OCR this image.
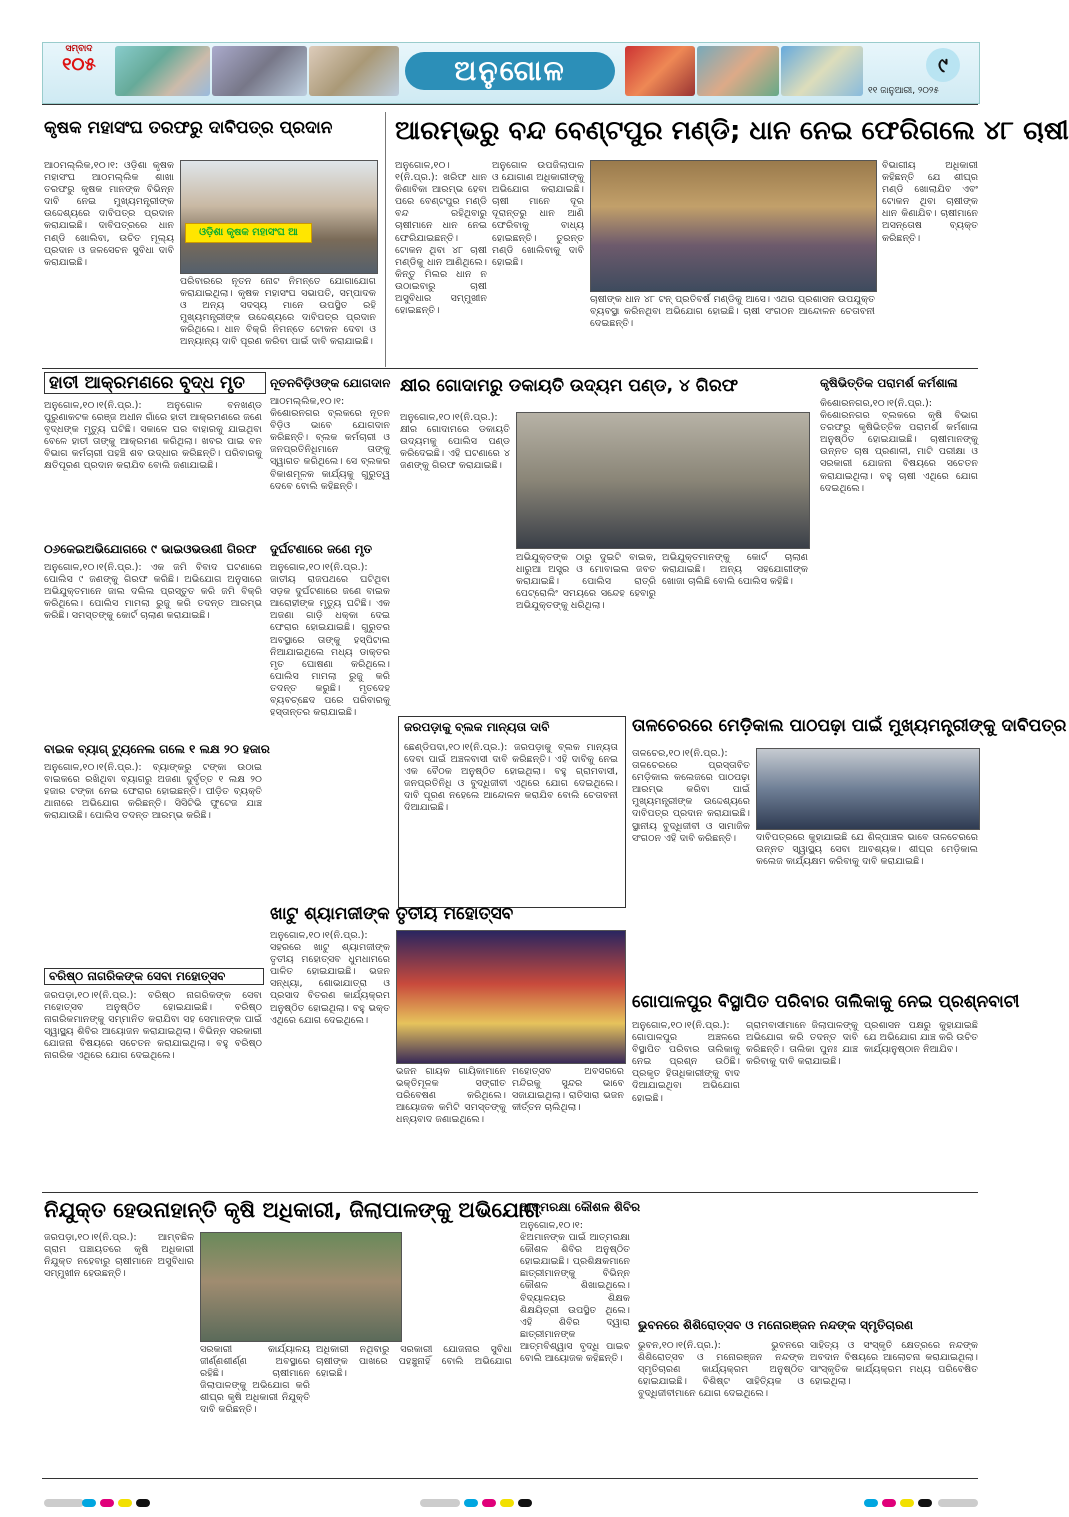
ସମ୍ବାଦ
୧୦୫	ଅନୁଗୋଳ	୯
୧୧ ଜାନୁଆରୀ, ୨୦୨୫
କୃଷକ ମହାସଂଘ ତରଫରୁ ଦାବିପତ୍ର ପ୍ରଦାନ
ଆଠମଲ୍ଲିକ,୧୦।୧: ଓଡ଼ିଶା କୃଷକ ମହାସଂଘ ଆଠମଲ୍ଲିକ ଶାଖା ତରଫରୁ କୃଷକ ମାନଙ୍କ ବିଭିନ୍ନ ଦାବି ନେଇ ମୁଖ୍ୟମନ୍ତ୍ରୀଙ୍କ ଉଦ୍ଦେଶ୍ୟରେ ଦାବିପତ୍ର ପ୍ରଦାନ କରାଯାଇଛି। ଦାବିପତ୍ରରେ ଧାନ ମଣ୍ଡି ଖୋଲିବା, ଉଚିତ ମୂଲ୍ୟ ପ୍ରଦାନ ଓ ଜଳସେଚନ ସୁବିଧା ଦାବି କରାଯାଇଛି।
ଓଡ଼ିଶା କୃଷକ ମହାସଂଘ ଆ
ପରିବାରରେ ନୂତନ ନୋଟ ନିମନ୍ତେ ଯୋଗାଯୋଗ କରାଯାଇଥିଲା। କୃଷକ ମହାସଂଘ ସଭାପତି, ସମ୍ପାଦକ ଓ ଅନ୍ୟ ସଦସ୍ୟ ମାନେ ଉପସ୍ଥିତ ରହି ମୁଖ୍ୟମନ୍ତ୍ରୀଙ୍କ ଉଦ୍ଦେଶ୍ୟରେ ଦାବିପତ୍ର ପ୍ରଦାନ କରିଥିଲେ। ଧାନ ବିକ୍ରି ନିମନ୍ତେ ଟୋକନ ଦେବା ଓ ଅନ୍ୟାନ୍ୟ ଦାବି ପୂରଣ କରିବା ପାଇଁ ଦାବି କରାଯାଇଛି।
ଆରମ୍ଭରୁ ବନ୍ଦ ବେଣ୍ଟପୁର ମଣ୍ଡି; ଧାନ ନେଇ ଫେରିଗଲେ ୪୮ ଚାଷୀ
ଅନୁଗୋଳ,୧୦।୧(ନି.ପ୍ର.): ଖରିଫ ଧାନ କିଣାବିକା ଆରମ୍ଭ ହେବା ପରେ ବେଣ୍ଟପୁର ମଣ୍ଡି ବନ୍ଦ ରହିଥିବାରୁ ଚାଷୀମାନେ ଧାନ ନେଇ ଫେରିଯାଇଛନ୍ତି। ଟୋକନ ଥିବା ୪୮ ଚାଷୀ ମଣ୍ଡିକୁ ଧାନ ଆଣିଥିଲେ। କିନ୍ତୁ ମିଲର ଧାନ ନ ଉଠାଇବାରୁ ଚାଷୀ ଅସୁବିଧାର ସମ୍ମୁଖୀନ ହୋଇଛନ୍ତି।
ଅନୁଗୋଳ ଉପଜିଲାପାଳ ଓ ଯୋଗାଣ ଅଧିକାରୀଙ୍କୁ ଅଭିଯୋଗ କରାଯାଇଛି। ଚାଷୀ ମାନେ ଦୂର ଦୂରାନ୍ତରୁ ଧାନ ଆଣି ଫେରିବାକୁ ବାଧ୍ୟ ହୋଇଛନ୍ତି। ତୁରନ୍ତ ମଣ୍ଡି ଖୋଲିବାକୁ ଦାବି ହୋଇଛି।
ଚାଷୀଙ୍କ ଧାନ ୪୮ ଟନ୍ ପ୍ରତିବର୍ଷ ମଣ୍ଡିକୁ ଆସେ। ଏଥର ପ୍ରଶାସନ ଉପଯୁକ୍ତ ବ୍ୟବସ୍ଥା କରିନଥିବା ଅଭିଯୋଗ ହୋଇଛି। ଚାଷୀ ସଂଗଠନ ଆନ୍ଦୋଳନ ଚେତାବନୀ ଦେଇଛନ୍ତି।
ବିଭାଗୀୟ ଅଧିକାରୀ କହିଛନ୍ତି ଯେ ଶୀଘ୍ର ମଣ୍ଡି ଖୋଲାଯିବ ଏବଂ ଟୋକନ ଥିବା ଚାଷୀଙ୍କ ଧାନ କିଣାଯିବ। ଚାଷୀମାନେ ଅସନ୍ତୋଷ ବ୍ୟକ୍ତ କରିଛନ୍ତି।
ହାତୀ ଆକ୍ରମଣରେ ବୃଦ୍ଧ ମୃତ
ଅନୁଗୋଳ,୧୦।୧(ନି.ପ୍ର.): ଅନୁଗୋଳ ବନଖଣ୍ଡ ପୁରୁଣାକଟକ ରେଞ୍ଜ ଅଧୀନ ଗାଁରେ ହାତୀ ଆକ୍ରମଣରେ ଜଣେ ବୃଦ୍ଧଙ୍କ ମୃତ୍ୟୁ ଘଟିଛି। ସକାଳେ ଘର ବାହାରକୁ ଯାଇଥିବା ବେଳେ ହାତୀ ତାଙ୍କୁ ଆକ୍ରମଣ କରିଥିଲା। ଖବର ପାଇ ବନ ବିଭାଗ କର୍ମଚାରୀ ପହଞ୍ଚି ଶବ ଉଦ୍ଧାର କରିଛନ୍ତି। ପରିବାରକୁ କ୍ଷତିପୂରଣ ପ୍ରଦାନ କରାଯିବ ବୋଲି ଜଣାଯାଇଛି।
ନୂତନବିଡ଼ିଓଙ୍କ ଯୋଗଦାନ
ଆଠମଲ୍ଲିକ,୧୦।୧: କିଶୋରନଗର ବ୍ଲକରେ ନୂତନ ବିଡ଼ିଓ ଭାବେ ଯୋଗଦାନ କରିଛନ୍ତି। ବ୍ଲକ କର୍ମଚାରୀ ଓ ଜନପ୍ରତିନିଧିମାନେ ତାଙ୍କୁ ସ୍ୱାଗତ କରିଥିଲେ। ସେ ବ୍ଲକର ବିକାଶମୂଳକ କାର୍ଯ୍ୟକୁ ଗୁରୁତ୍ୱ ଦେବେ ବୋଲି କହିଛନ୍ତି।
କ୍ଷୀର ଗୋଦାମରୁ ଡକାୟତି ଉଦ୍ୟମ ପଣ୍ଡ, ୪ ଗିରଫ
ଅନୁଗୋଳ,୧୦।୧(ନି.ପ୍ର.): କ୍ଷୀର ଗୋଦାମରେ ଡକାୟତି ଉଦ୍ୟମକୁ ପୋଲିସ ପଣ୍ଡ କରିଦେଇଛି। ଏହି ଘଟଣାରେ ୪ ଜଣଙ୍କୁ ଗିରଫ କରାଯାଇଛି।
ଅଭିଯୁକ୍ତଙ୍କ ଠାରୁ ଦୁଇଟି ବାଇକ, ଧାରୁଆ ଅସ୍ତ୍ର ଓ ମୋବାଇଲ ଜବତ କରାଯାଇଛି। ପୋଲିସ ରାତ୍ରି ପେଟ୍ରୋଲିଂ ସମୟରେ ସନ୍ଦେହ ହେବାରୁ ଅଭିଯୁକ୍ତଙ୍କୁ ଧରିଥିଲା।
ଅଭିଯୁକ୍ତମାନଙ୍କୁ କୋର୍ଟ ଚାଲାଣ କରାଯାଇଛି। ଅନ୍ୟ ସହଯୋଗୀଙ୍କ ଖୋଜା ଚାଲିଛି ବୋଲି ପୋଲିସ କହିଛି।
କୃଷିଭିତ୍ତିକ ପରାମର୍ଶ କର୍ମଶାଳା
କିଶୋରନଗର,୧୦।୧(ନି.ପ୍ର.): କିଶୋରନଗର ବ୍ଲକରେ କୃଷି ବିଭାଗ ତରଫରୁ କୃଷିଭିତ୍ତିକ ପରାମର୍ଶ କର୍ମଶାଳା ଅନୁଷ୍ଠିତ ହୋଇଯାଇଛି। ଚାଷୀମାନଙ୍କୁ ଉନ୍ନତ ଚାଷ ପ୍ରଣାଳୀ, ମାଟି ପରୀକ୍ଷା ଓ ସରକାରୀ ଯୋଜନା ବିଷୟରେ ସଚେତନ କରାଯାଇଥିଲା। ବହୁ ଚାଷୀ ଏଥିରେ ଯୋଗ ଦେଇଥିଲେ।
୦୬କେଇଅଭିଯୋଗରେ ୯ ଭାଇଓଭଉଣୀ ଗିରଫ
ଅନୁଗୋଳ,୧୦।୧(ନି.ପ୍ର.): ଏକ ଜମି ବିବାଦ ଘଟଣାରେ ପୋଲିସ ୯ ଜଣଙ୍କୁ ଗିରଫ କରିଛି। ଅଭିଯୋଗ ଅନୁସାରେ ଅଭିଯୁକ୍ତମାନେ ଜାଲ ଦଲିଲ ପ୍ରସ୍ତୁତ କରି ଜମି ବିକ୍ରି କରିଥିଲେ। ପୋଲିସ ମାମଲା ରୁଜୁ କରି ତଦନ୍ତ ଆରମ୍ଭ କରିଛି। ସମସ୍ତଙ୍କୁ କୋର୍ଟ ଚାଲାଣ କରାଯାଇଛି।
ଦୁର୍ଘଟଣାରେ ଜଣେ ମୃତ
ଅନୁଗୋଳ,୧୦।୧(ନି.ପ୍ର.): ଜାତୀୟ ରାଜପଥରେ ଘଟିଥିବା ସଡ଼କ ଦୁର୍ଘଟଣାରେ ଜଣେ ବାଇକ ଆରୋହୀଙ୍କ ମୃତ୍ୟୁ ଘଟିଛି। ଏକ ଅଜଣା ଗାଡ଼ି ଧକ୍କା ଦେଇ ଫେରାର ହୋଇଯାଇଛି। ଗୁରୁତର ଅବସ୍ଥାରେ ତାଙ୍କୁ ହସ୍ପିଟାଲ ନିଆଯାଇଥିଲେ ମଧ୍ୟ ଡାକ୍ତର ମୃତ ଘୋଷଣା କରିଥିଲେ। ପୋଲିସ ମାମଲା ରୁଜୁ କରି ତଦନ୍ତ କରୁଛି। ମୃତଦେହ ବ୍ୟବଚ୍ଛେଦ ପରେ ପରିବାରକୁ ହସ୍ତାନ୍ତର କରାଯାଇଛି।
ବାଇକ ବ୍ୟାଗ୍ ଟ୍ୟୁନେଲ ଗଲେ ୧ ଲକ୍ଷ ୨୦ ହଜାର
ଅନୁଗୋଳ,୧୦।୧(ନି.ପ୍ର.): ବ୍ୟାଙ୍କରୁ ଟଙ୍କା ଉଠାଇ ବାଇକରେ ରଖିଥିବା ବ୍ୟାଗରୁ ଅଜଣା ଦୁର୍ବୃତ୍ତ ୧ ଲକ୍ଷ ୨୦ ହଜାର ଟଙ୍କା ନେଇ ଫେରାର ହୋଇଛନ୍ତି। ପୀଡ଼ିତ ବ୍ୟକ୍ତି ଥାନାରେ ଅଭିଯୋଗ କରିଛନ୍ତି। ସିସିଟିଭି ଫୁଟେଜ ଯାଞ୍ଚ କରାଯାଉଛି। ପୋଲିସ ତଦନ୍ତ ଆରମ୍ଭ କରିଛି।
ଜରପଡ଼ାକୁ ବ୍ଲକ ମାନ୍ୟତା ଦାବି
ଛେଣ୍ଡିପଦା,୧୦।୧(ନି.ପ୍ର.): ଜରପଡ଼ାକୁ ବ୍ଲକ ମାନ୍ୟତା ଦେବା ପାଇଁ ଅଞ୍ଚଳବାସୀ ଦାବି କରିଛନ୍ତି। ଏହି ଦାବିକୁ ନେଇ ଏକ ବୈଠକ ଅନୁଷ୍ଠିତ ହୋଇଥିଲା। ବହୁ ଗ୍ରାମବାସୀ, ଜନପ୍ରତିନିଧି ଓ ବୁଦ୍ଧିଜୀବୀ ଏଥିରେ ଯୋଗ ଦେଇଥିଲେ। ଦାବି ପୂରଣ ନହେଲେ ଆନ୍ଦୋଳନ କରାଯିବ ବୋଲି ଚେତାବନୀ ଦିଆଯାଇଛି।
ତାଳଚେରରେ ମେଡ଼ିକାଲ ପାଠପଢ଼ା ପାଇଁ ମୁଖ୍ୟମନ୍ତ୍ରୀଙ୍କୁ ଦାବିପତ୍ର
ତାଳଚେର,୧୦।୧(ନି.ପ୍ର.): ତାଳଚେରରେ ପ୍ରସ୍ତାବିତ ମେଡ଼ିକାଲ କଲେଜରେ ପାଠପଢ଼ା ଆରମ୍ଭ କରିବା ପାଇଁ ମୁଖ୍ୟମନ୍ତ୍ରୀଙ୍କ ଉଦ୍ଦେଶ୍ୟରେ ଦାବିପତ୍ର ପ୍ରଦାନ କରାଯାଇଛି। ସ୍ଥାନୀୟ ବୁଦ୍ଧିଜୀବୀ ଓ ସାମାଜିକ ସଂଗଠନ ଏହି ଦାବି କରିଛନ୍ତି।	ଦାବିପତ୍ରରେ କୁହାଯାଇଛି ଯେ ଶିଳ୍ପାଞ୍ଚଳ ଭାବେ ତାଳଚେରରେ ଉନ୍ନତ ସ୍ୱାସ୍ଥ୍ୟ ସେବା ଆବଶ୍ୟକ। ଶୀଘ୍ର ମେଡ଼ିକାଲ କଲେଜ କାର୍ଯ୍ୟକ୍ଷମ କରିବାକୁ ଦାବି କରାଯାଇଛି।
ଖାଟୁ ଶ୍ୟାମଜୀଙ୍କ ତୃତୀୟ ମହୋତ୍ସବ
ଅନୁଗୋଳ,୧୦।୧(ନି.ପ୍ର.): ସହରରେ ଖାଟୁ ଶ୍ୟାମଜୀଙ୍କ ତୃତୀୟ ମହୋତ୍ସବ ଧୁମଧାମରେ ପାଳିତ ହୋଇଯାଇଛି। ଭଜନ ସନ୍ଧ୍ୟା, ଶୋଭାଯାତ୍ରା ଓ ପ୍ରସାଦ ବିତରଣ କାର୍ଯ୍ୟକ୍ରମ ଅନୁଷ୍ଠିତ ହୋଇଥିଲା। ବହୁ ଭକ୍ତ ଏଥିରେ ଯୋଗ ଦେଇଥିଲେ।
ଭଜନ ଗାୟକ ଗାୟିକାମାନେ ଭକ୍ତିମୂଳକ ସଙ୍ଗୀତ ପରିବେଷଣ କରିଥିଲେ। ଆୟୋଜକ କମିଟି ସମସ୍ତଙ୍କୁ ଧନ୍ୟବାଦ ଜଣାଇଥିଲେ।
ମହୋତ୍ସବ ଅବସରରେ ମନ୍ଦିରକୁ ସୁନ୍ଦର ଭାବେ ସଜାଯାଇଥିଲା। ରାତିସାରା ଭଜନ କୀର୍ତ୍ତନ ଚାଲିଥିଲା।
ବରିଷ୍ଠ ନାଗରିକଙ୍କ ସେବା ମହୋତ୍ସବ
ଜରପଡ଼ା,୧୦।୧(ନି.ପ୍ର.): ବରିଷ୍ଠ ନାଗରିକଙ୍କ ସେବା ମହୋତ୍ସବ ଅନୁଷ୍ଠିତ ହୋଇଯାଇଛି। ବରିଷ୍ଠ ନାଗରିକମାନଙ୍କୁ ସମ୍ମାନିତ କରାଯିବା ସହ ସେମାନଙ୍କ ପାଇଁ ସ୍ୱାସ୍ଥ୍ୟ ଶିବିର ଆୟୋଜନ କରାଯାଇଥିଲା। ବିଭିନ୍ନ ସରକାରୀ ଯୋଜନା ବିଷୟରେ ସଚେତନ କରାଯାଇଥିଲା। ବହୁ ବରିଷ୍ଠ ନାଗରିକ ଏଥିରେ ଯୋଗ ଦେଇଥିଲେ।
ଗୋପାଳପୁର ବିସ୍ଥାପିତ ପରିବାର ତାଲିକାକୁ ନେଇ ପ୍ରଶ୍ନବାଚୀ
ଅନୁଗୋଳ,୧୦।୧(ନି.ପ୍ର.): ଗୋପାଳପୁର ଅଞ୍ଚଳରେ ବିସ୍ଥାପିତ ପରିବାର ତାଲିକାକୁ ନେଇ ପ୍ରଶ୍ନ ଉଠିଛି। ପ୍ରକୃତ ହିତାଧିକାରୀଙ୍କୁ ବାଦ ଦିଆଯାଇଥିବା ଅଭିଯୋଗ ହୋଇଛି।
ଗ୍ରାମବାସୀମାନେ ଜିଲାପାଳଙ୍କୁ ଅଭିଯୋଗ କରି ତଦନ୍ତ ଦାବି କରିଛନ୍ତି। ତାଲିକା ପୁନଃ ଯାଞ୍ଚ କରିବାକୁ ଦାବି କରାଯାଇଛି।
ପ୍ରଶାସନ ପକ୍ଷରୁ କୁହାଯାଇଛି ଯେ ଅଭିଯୋଗ ଯାଞ୍ଚ କରି ଉଚିତ କାର୍ଯ୍ୟାନୁଷ୍ଠାନ ନିଆଯିବ।
ନିଯୁକ୍ତ ହେଉନାହାନ୍ତି କୃଷି ଅଧିକାରୀ, ଜିଲାପାଳଙ୍କୁ ଅଭିଯୋଗ
ଜରପଡ଼ା,୧୦।୧(ନି.ପ୍ର.): ଆମ୍ବଛିଳ ଗ୍ରାମ ପଞ୍ଚାୟତରେ କୃଷି ଅଧିକାରୀ ନିଯୁକ୍ତ ନହେବାରୁ ଚାଷୀମାନେ ଅସୁବିଧାର ସମ୍ମୁଖୀନ ହେଉଛନ୍ତି।
ସରକାରୀ କାର୍ଯ୍ୟାଳୟ ଜୀର୍ଣ୍ଣଶୀର୍ଣ୍ଣ ଅବସ୍ଥାରେ ରହିଛି। ଚାଷୀମାନେ ଜିଲାପାଳଙ୍କୁ ଅଭିଯୋଗ କରି ଶୀଘ୍ର କୃଷି ଅଧିକାରୀ ନିଯୁକ୍ତି ଦାବି କରିଛନ୍ତି।
ଅଧିକାରୀ ନଥିବାରୁ ସରକାରୀ ଯୋଜନାର ସୁବିଧା ଚାଷୀଙ୍କ ପାଖରେ ପହଞ୍ଚୁନାହିଁ ବୋଲି ଅଭିଯୋଗ ହୋଇଛି।
ଆତ୍ମରକ୍ଷା କୌଶଳ ଶିବିର
ଅନୁଗୋଳ,୧୦।୧: ଝିଅମାନଙ୍କ ପାଇଁ ଆତ୍ମରକ୍ଷା କୌଶଳ ଶିବିର ଅନୁଷ୍ଠିତ ହୋଇଯାଇଛି। ପ୍ରଶିକ୍ଷକମାନେ ଛାତ୍ରୀମାନଙ୍କୁ ବିଭିନ୍ନ କୌଶଳ ଶିଖାଇଥିଲେ। ବିଦ୍ୟାଳୟର ଶିକ୍ଷକ ଶିକ୍ଷୟିତ୍ରୀ ଉପସ୍ଥିତ ଥିଲେ। ଏହି ଶିବିର ଦ୍ୱାରା ଛାତ୍ରୀମାନଙ୍କ ଆତ୍ମବିଶ୍ୱାସ ବୃଦ୍ଧି ପାଇବ ବୋଲି ଆୟୋଜକ କହିଛନ୍ତି।
ଭୁବନରେ ଶିଶିରୋତ୍ସବ ଓ ମନୋରଞ୍ଜନ ନନ୍ଦଙ୍କ ସ୍ମୃତିଚାରଣ
ଭୁବନ,୧୦।୧(ନି.ପ୍ର.): ଭୁବନରେ ଶିଶିରୋତ୍ସବ ଓ ମନୋରଞ୍ଜନ ନନ୍ଦଙ୍କ ସ୍ମୃତିଚାରଣ କାର୍ଯ୍ୟକ୍ରମ ଅନୁଷ୍ଠିତ ହୋଇଯାଇଛି। ବିଶିଷ୍ଟ ସାହିତ୍ୟିକ ଓ ବୁଦ୍ଧିଜୀବୀମାନେ ଯୋଗ ଦେଇଥିଲେ।
ସାହିତ୍ୟ ଓ ସଂସ୍କୃତି କ୍ଷେତ୍ରରେ ନନ୍ଦଙ୍କ ଅବଦାନ ବିଷୟରେ ଆଲୋଚନା କରାଯାଇଥିଲା। ସାଂସ୍କୃତିକ କାର୍ଯ୍ୟକ୍ରମ ମଧ୍ୟ ପରିବେଷିତ ହୋଇଥିଲା।
